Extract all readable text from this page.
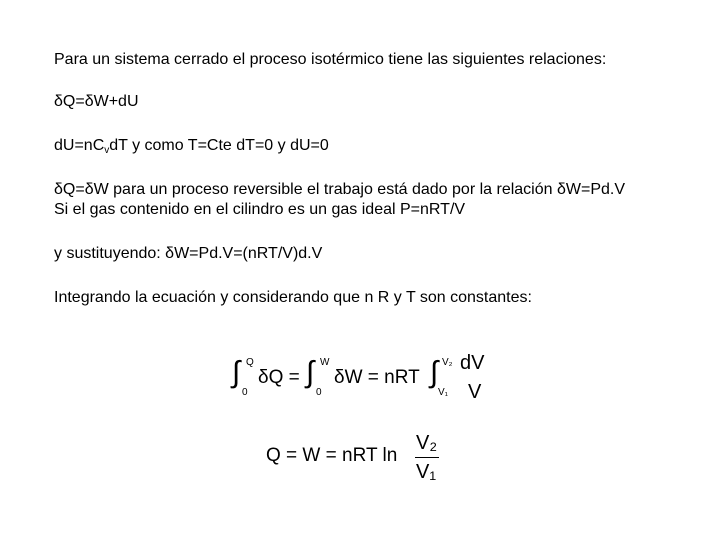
Para un sistema cerrado el proceso isotérmico tiene las siguientes relaciones:
δQ=δW+dU
$dU=nC_vdT$ y como T=Cte dT=0 y dU=0
δQ=δW para un proceso reversible el trabajo está dado por la relación δW=Pd.V
Si el gas contenido en el cilindro es un gas ideal P=nRT/V
y sustituyendo: δW=Pd.V=(nRT/V)d.V
Integrando la ecuación y considerando que n R y T son constantes:
∫ Q
0
δQ = ∫ W
0
δW = nRT ∫ V₂
V₁
dV
V
Q = W = nRT ln
V₂
V₁
